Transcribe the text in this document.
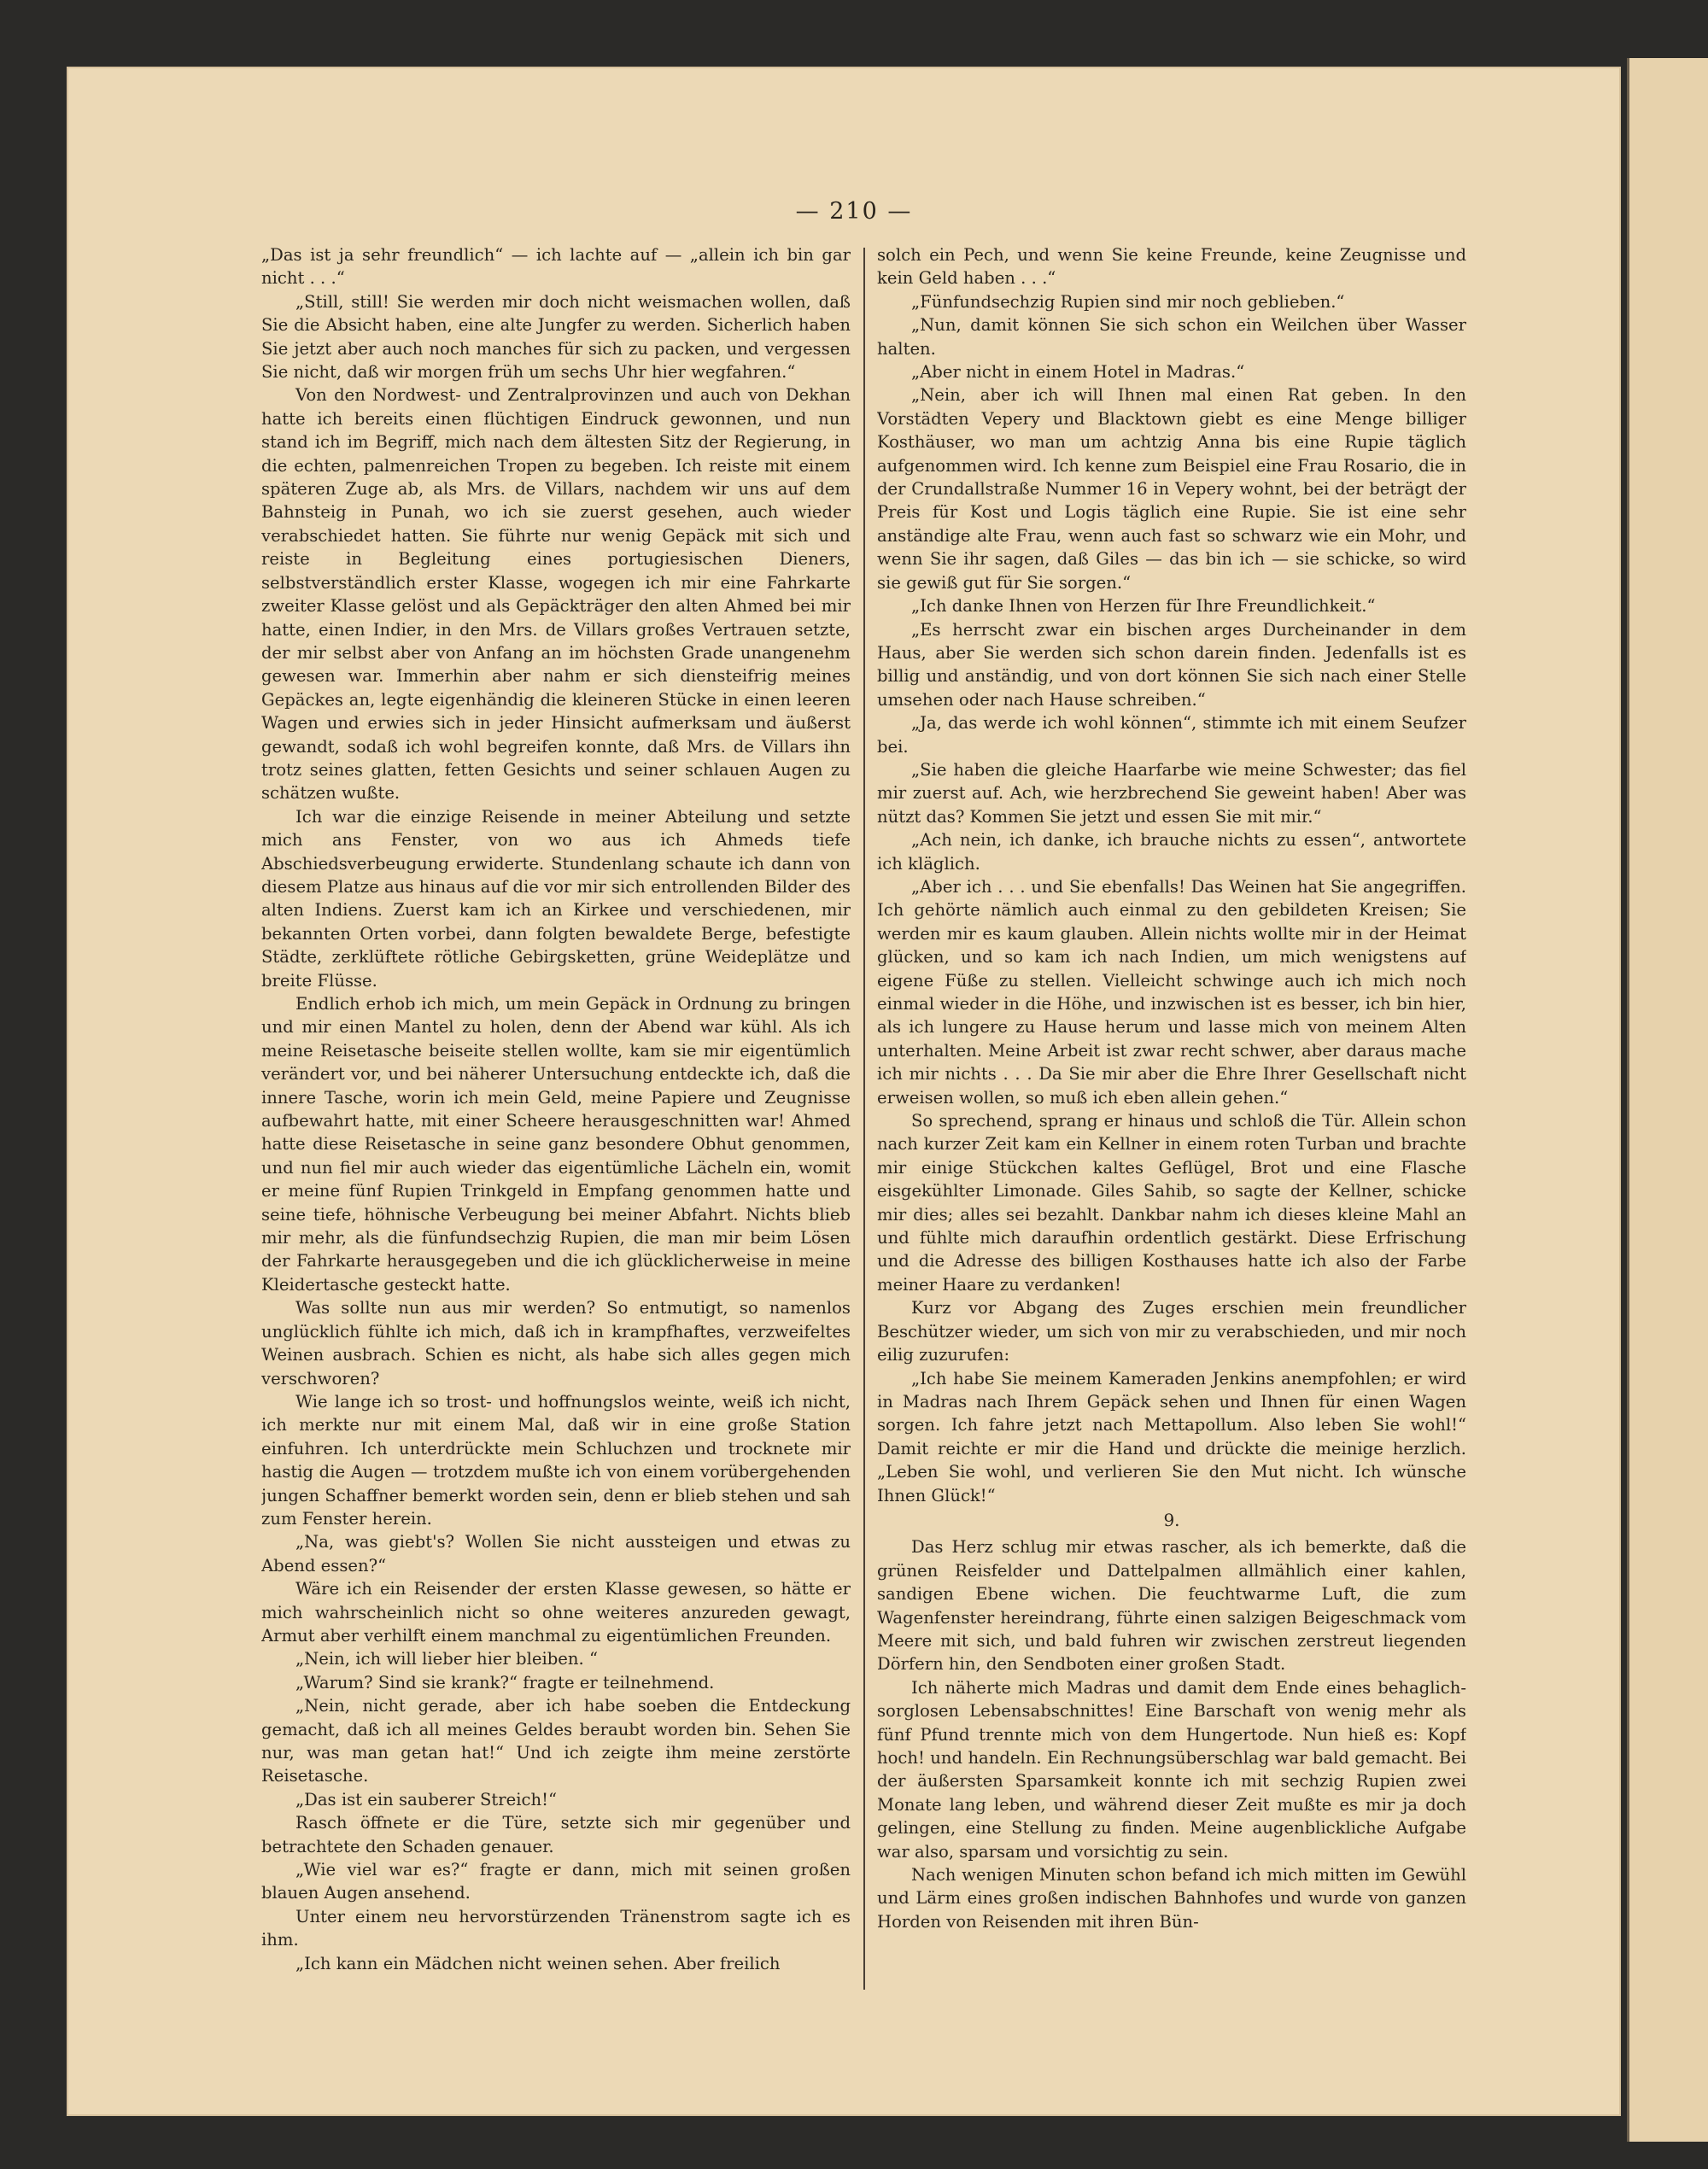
— 210 —

„Das ist ja sehr freundlich“ — ich lachte auf — „allein ich bin gar nicht . . .“

„Still, still! Sie werden mir doch nicht weismachen wollen, daß Sie die Absicht haben, eine alte Jungfer zu werden. Sicherlich haben Sie jetzt aber auch noch manches für sich zu packen, und vergessen Sie nicht, daß wir morgen früh um sechs Uhr hier wegfahren.“

Von den Nordwest- und Zentralprovinzen und auch von Dekhan hatte ich bereits einen flüchtigen Eindruck gewonnen, und nun stand ich im Begriff, mich nach dem ältesten Sitz der Regierung, in die echten, palmenreichen Tropen zu begeben. Ich reiste mit einem späteren Zuge ab, als Mrs. de Villars, nachdem wir uns auf dem Bahnsteig in Punah, wo ich sie zuerst gesehen, auch wieder verabschiedet hatten. Sie führte nur wenig Gepäck mit sich und reiste in Begleitung eines portugiesischen Dieners, selbstverständlich erster Klasse, wogegen ich mir eine Fahrkarte zweiter Klasse gelöst und als Gepäckträger den alten Ahmed bei mir hatte, einen Indier, in den Mrs. de Villars großes Vertrauen setzte, der mir selbst aber von Anfang an im höchsten Grade unangenehm gewesen war. Immerhin aber nahm er sich diensteifrig meines Gepäckes an, legte eigenhändig die kleineren Stücke in einen leeren Wagen und erwies sich in jeder Hinsicht aufmerksam und äußerst gewandt, sodaß ich wohl begreifen konnte, daß Mrs. de Villars ihn trotz seines glatten, fetten Gesichts und seiner schlauen Augen zu schätzen wußte.

Ich war die einzige Reisende in meiner Abteilung und setzte mich ans Fenster, von wo aus ich Ahmeds tiefe Abschiedsverbeugung erwiderte. Stundenlang schaute ich dann von diesem Platze aus hinaus auf die vor mir sich entrollenden Bilder des alten Indiens. Zuerst kam ich an Kirkee und verschiedenen, mir bekannten Orten vorbei, dann folgten bewaldete Berge, befestigte Städte, zerklüftete rötliche Gebirgsketten, grüne Weideplätze und breite Flüsse.

Endlich erhob ich mich, um mein Gepäck in Ordnung zu bringen und mir einen Mantel zu holen, denn der Abend war kühl. Als ich meine Reisetasche beiseite stellen wollte, kam sie mir eigentümlich verändert vor, und bei näherer Untersuchung entdeckte ich, daß die innere Tasche, worin ich mein Geld, meine Papiere und Zeugnisse aufbewahrt hatte, mit einer Scheere herausgeschnitten war! Ahmed hatte diese Reisetasche in seine ganz besondere Obhut genommen, und nun fiel mir auch wieder das eigentümliche Lächeln ein, womit er meine fünf Rupien Trinkgeld in Empfang genommen hatte und seine tiefe, höhnische Verbeugung bei meiner Abfahrt. Nichts blieb mir mehr, als die fünfundsechzig Rupien, die man mir beim Lösen der Fahrkarte herausgegeben und die ich glücklicherweise in meine Kleidertasche gesteckt hatte.

Was sollte nun aus mir werden? So entmutigt, so namenlos unglücklich fühlte ich mich, daß ich in krampfhaftes, verzweifeltes Weinen ausbrach. Schien es nicht, als habe sich alles gegen mich verschworen?

Wie lange ich so trost- und hoffnungslos weinte, weiß ich nicht, ich merkte nur mit einem Mal, daß wir in eine große Station einfuhren. Ich unterdrückte mein Schluchzen und trocknete mir hastig die Augen — trotzdem mußte ich von einem vorübergehenden jungen Schaffner bemerkt worden sein, denn er blieb stehen und sah zum Fenster herein.

„Na, was giebt's? Wollen Sie nicht aussteigen und etwas zu Abend essen?“

Wäre ich ein Reisender der ersten Klasse gewesen, so hätte er mich wahrscheinlich nicht so ohne weiteres anzureden gewagt, Armut aber verhilft einem manchmal zu eigentümlichen Freunden.

„Nein, ich will lieber hier bleiben. “

„Warum? Sind sie krank?“ fragte er teilnehmend.

„Nein, nicht gerade, aber ich habe soeben die Entdeckung gemacht, daß ich all meines Geldes beraubt worden bin. Sehen Sie nur, was man getan hat!“ Und ich zeigte ihm meine zerstörte Reisetasche.

„Das ist ein sauberer Streich!“

Rasch öffnete er die Türe, setzte sich mir gegenüber und betrachtete den Schaden genauer.

„Wie viel war es?“ fragte er dann, mich mit seinen großen blauen Augen ansehend.

Unter einem neu hervorstürzenden Tränenstrom sagte ich es ihm.

„Ich kann ein Mädchen nicht weinen sehen. Aber freilich

solch ein Pech, und wenn Sie keine Freunde, keine Zeugnisse und kein Geld haben . . .“

„Fünfundsechzig Rupien sind mir noch geblieben.“

„Nun, damit können Sie sich schon ein Weilchen über Wasser halten.

„Aber nicht in einem Hotel in Madras.“

„Nein, aber ich will Ihnen mal einen Rat geben. In den Vorstädten Vepery und Blacktown giebt es eine Menge billiger Kosthäuser, wo man um achtzig Anna bis eine Rupie täglich aufgenommen wird. Ich kenne zum Beispiel eine Frau Rosario, die in der Crundallstraße Nummer 16 in Vepery wohnt, bei der beträgt der Preis für Kost und Logis täglich eine Rupie. Sie ist eine sehr anständige alte Frau, wenn auch fast so schwarz wie ein Mohr, und wenn Sie ihr sagen, daß Giles — das bin ich — sie schicke, so wird sie gewiß gut für Sie sorgen.“

„Ich danke Ihnen von Herzen für Ihre Freundlichkeit.“

„Es herrscht zwar ein bischen arges Durcheinander in dem Haus, aber Sie werden sich schon darein finden. Jedenfalls ist es billig und anständig, und von dort können Sie sich nach einer Stelle umsehen oder nach Hause schreiben.“

„Ja, das werde ich wohl können“, stimmte ich mit einem Seufzer bei.

„Sie haben die gleiche Haarfarbe wie meine Schwester; das fiel mir zuerst auf. Ach, wie herzbrechend Sie geweint haben! Aber was nützt das? Kommen Sie jetzt und essen Sie mit mir.“

„Ach nein, ich danke, ich brauche nichts zu essen“, antwortete ich kläglich.

„Aber ich . . . und Sie ebenfalls! Das Weinen hat Sie angegriffen. Ich gehörte nämlich auch einmal zu den gebildeten Kreisen; Sie werden mir es kaum glauben. Allein nichts wollte mir in der Heimat glücken, und so kam ich nach Indien, um mich wenigstens auf eigene Füße zu stellen. Vielleicht schwinge auch ich mich noch einmal wieder in die Höhe, und inzwischen ist es besser, ich bin hier, als ich lungere zu Hause herum und lasse mich von meinem Alten unterhalten. Meine Arbeit ist zwar recht schwer, aber daraus mache ich mir nichts . . . Da Sie mir aber die Ehre Ihrer Gesellschaft nicht erweisen wollen, so muß ich eben allein gehen.“

So sprechend, sprang er hinaus und schloß die Tür. Allein schon nach kurzer Zeit kam ein Kellner in einem roten Turban und brachte mir einige Stückchen kaltes Geflügel, Brot und eine Flasche eisgekühlter Limonade. Giles Sahib, so sagte der Kellner, schicke mir dies; alles sei bezahlt. Dankbar nahm ich dieses kleine Mahl an und fühlte mich daraufhin ordentlich gestärkt. Diese Erfrischung und die Adresse des billigen Kosthauses hatte ich also der Farbe meiner Haare zu verdanken!

Kurz vor Abgang des Zuges erschien mein freundlicher Beschützer wieder, um sich von mir zu verabschieden, und mir noch eilig zuzurufen:

„Ich habe Sie meinem Kameraden Jenkins anempfohlen; er wird in Madras nach Ihrem Gepäck sehen und Ihnen für einen Wagen sorgen. Ich fahre jetzt nach Mettapollum. Also leben Sie wohl!“ Damit reichte er mir die Hand und drückte die meinige herzlich. „Leben Sie wohl, und verlieren Sie den Mut nicht. Ich wünsche Ihnen Glück!“

9.

Das Herz schlug mir etwas rascher, als ich bemerkte, daß die grünen Reisfelder und Dattelpalmen allmählich einer kahlen, sandigen Ebene wichen. Die feuchtwarme Luft, die zum Wagenfenster hereindrang, führte einen salzigen Beigeschmack vom Meere mit sich, und bald fuhren wir zwischen zerstreut liegenden Dörfern hin, den Sendboten einer großen Stadt.

Ich näherte mich Madras und damit dem Ende eines behaglich-sorglosen Lebensabschnittes! Eine Barschaft von wenig mehr als fünf Pfund trennte mich von dem Hungertode. Nun hieß es: Kopf hoch! und handeln. Ein Rechnungsüberschlag war bald gemacht. Bei der äußersten Sparsamkeit konnte ich mit sechzig Rupien zwei Monate lang leben, und während dieser Zeit mußte es mir ja doch gelingen, eine Stellung zu finden. Meine augenblickliche Aufgabe war also, sparsam und vorsichtig zu sein.

Nach wenigen Minuten schon befand ich mich mitten im Gewühl und Lärm eines großen indischen Bahnhofes und wurde von ganzen Horden von Reisenden mit ihren Bün-
